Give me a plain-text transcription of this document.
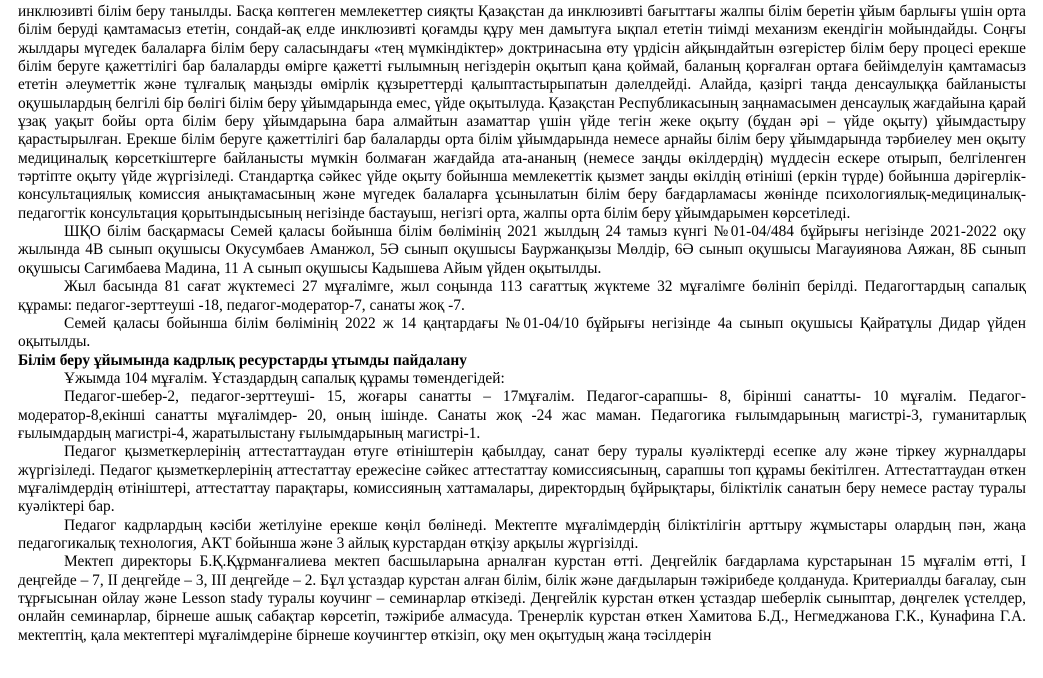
инклюзивті білім беру танылды. Басқа көптеген мемлекеттер сияқты Қазақстан да инклюзивті бағыттағы жалпы білім беретін ұйым барлығы үшін орта білім беруді қамтамасыз ететін, сондай-ақ елде инклюзивті қоғамды құру мен дамытуға ықпал ететін тиімді механизм екендігін мойындайды. Соңғы жылдары мүгедек балаларға білім беру саласындағы «тең мүмкіндіктер» доктринасына өту үрдісін айқындайтын өзгерістер білім беру процесі ерекше білім беруге қажеттілігі бар балаларды өмірге қажетті ғылымның негіздерін оқытып қана қоймай, баланың қорғалған ортаға бейімделуін қамтамасыз ететін әлеуметтік және тұлғалық маңызды өмірлік құзыреттерді қалыптастырыпатын дәлелдейді. Алайда, қазіргі таңда денсаулыққа байланысты оқушылардың белгілі бір бөлігі білім беру ұйымдарында емес, үйде оқытылуда. Қазақстан Республикасының заңнамасымен денсаулық жағдайына қарай ұзақ уақыт бойы орта білім беру ұйымдарына бара алмайтын азаматтар үшін үйде тегін жеке оқыту (бұдан әрі – үйде оқыту) ұйымдастыру қарастырылған. Ерекше білім беруге қажеттілігі бар балаларды орта білім ұйымдарында немесе арнайы білім беру ұйымдарында тәрбиелеу мен оқыту медициналық көрсеткіштерге байланысты мүмкін болмаған жағдайда ата-ананың (немесе заңды өкілдердің) мүддесін ескере отырып, белгіленген тәртіпте оқыту үйде жүргізіледі. Стандартқа сәйкес үйде оқыту бойынша мемлекеттік қызмет заңды өкілдің өтініші (еркін түрде) бойынша дәрігерлік-консультациялық комиссия анықтамасының және мүгедек балаларға ұсынылатын білім беру бағдарламасы жөнінде психологиялық-медициналық-педагогтік консультация қорытындысының негізінде бастауыш, негізгі орта, жалпы орта білім беру ұйымдарымен көрсетіледі.

ШҚО білім басқармасы Семей қаласы бойынша білім бөлімінің 2021 жылдың 24 тамыз күнгі №01-04/484 бұйрығы негізінде 2021-2022 оқу жылында 4В сынып оқушысы Окусумбаев Аманжол, 5Ә сынып оқушысы Бауржанқызы Мөлдір, 6Ә сынып оқушысы Магауиянова Аяжан, 8Б сынып оқушысы Сагимбаева Мадина, 11 А сынып оқушысы Кадышева Айым үйден оқытылды.

Жыл басында 81 сағат жүктемесі 27 мұғалімге, жыл соңында 113 сағаттық жүктеме 32 мұғалімге бөлініп берілді. Педагогтардың сапалық құрамы: педагог-зерттеуші -18, педагог-модератор-7, санаты жоқ -7.

Семей қаласы бойынша білім бөлімінің 2022 ж 14 қаңтардағы №01-04/10 бұйрығы негізінде 4а сынып оқушысы Қайратұлы Дидар үйден оқытылды.

Білім беру ұйымында кадрлық ресурстарды ұтымды пайдалану

Ұжымда 104 мұғалім. Ұстаздардың сапалық құрамы төмендегідей:

Педагог-шебер-2, педагог-зерттеуші- 15, жоғары санатты – 17мұғалім. Педагог-сарапшы- 8, бірінші санатты- 10 мұғалім. Педагог-модератор-8,екінші санатты мұғалімдер- 20, оның ішінде. Санаты жоқ -24 жас маман. Педагогика ғылымдарының магистрі-3, гуманитарлық ғылымдардың магистрі-4, жаратылыстану ғылымдарының магистрі-1.

Педагог қызметкерлерінің аттестаттаудан өтуге өтініштерін қабылдау, санат беру туралы куәліктерді есепке алу және тіркеу журналдары жүргізіледі. Педагог қызметкерлерінің аттестаттау ережесіне сәйкес аттестаттау комиссиясының, сарапшы топ құрамы бекітілген. Аттестаттаудан өткен мұғалімдердің өтініштері, аттестаттау парақтары, комиссияның хаттамалары, директордың бұйрықтары, біліктілік санатын беру немесе растау туралы куәліктері бар.

Педагог кадрлардың кәсіби жетілуіне ерекше көңіл бөлінеді. Мектепте мұғалімдердің біліктілігін арттыру жұмыстары олардың пән, жаңа педагогикалық технология, АКТ бойынша және 3 айлық курстардан өтқізу арқылы жүргізілді.

Мектеп директоры Б.Қ.Құрманғалиева мектеп басшыларына арналған курстан өтті. Деңгейлік бағдарлама курстарынан 15 мұғалім өтті, І деңгейде – 7, ІІ деңгейде – 3, ІІІ деңгейде – 2. Бұл ұстаздар курстан алған білім, білік және дағдыларын тәжірибеде қолдануда. Критериалды бағалау, сын тұрғысынан ойлау және Lesson stady туралы коучинг – семинарлар өткізеді. Деңгейлік курстан өткен ұстаздар шеберлік сыныптар, дөңгелек үстелдер, онлайн семинарлар, бірнеше ашық сабақтар көрсетіп, тәжірибе алмасуда. Тренерлік курстан өткен Хамитова Б.Д., Негмеджанова Г.К., Кунафина Г.А. мектептің, қала мектептері мұғалімдеріне бірнеше коучингтер өткізіп, оқу мен оқытудың жаңа тәсілдерін
